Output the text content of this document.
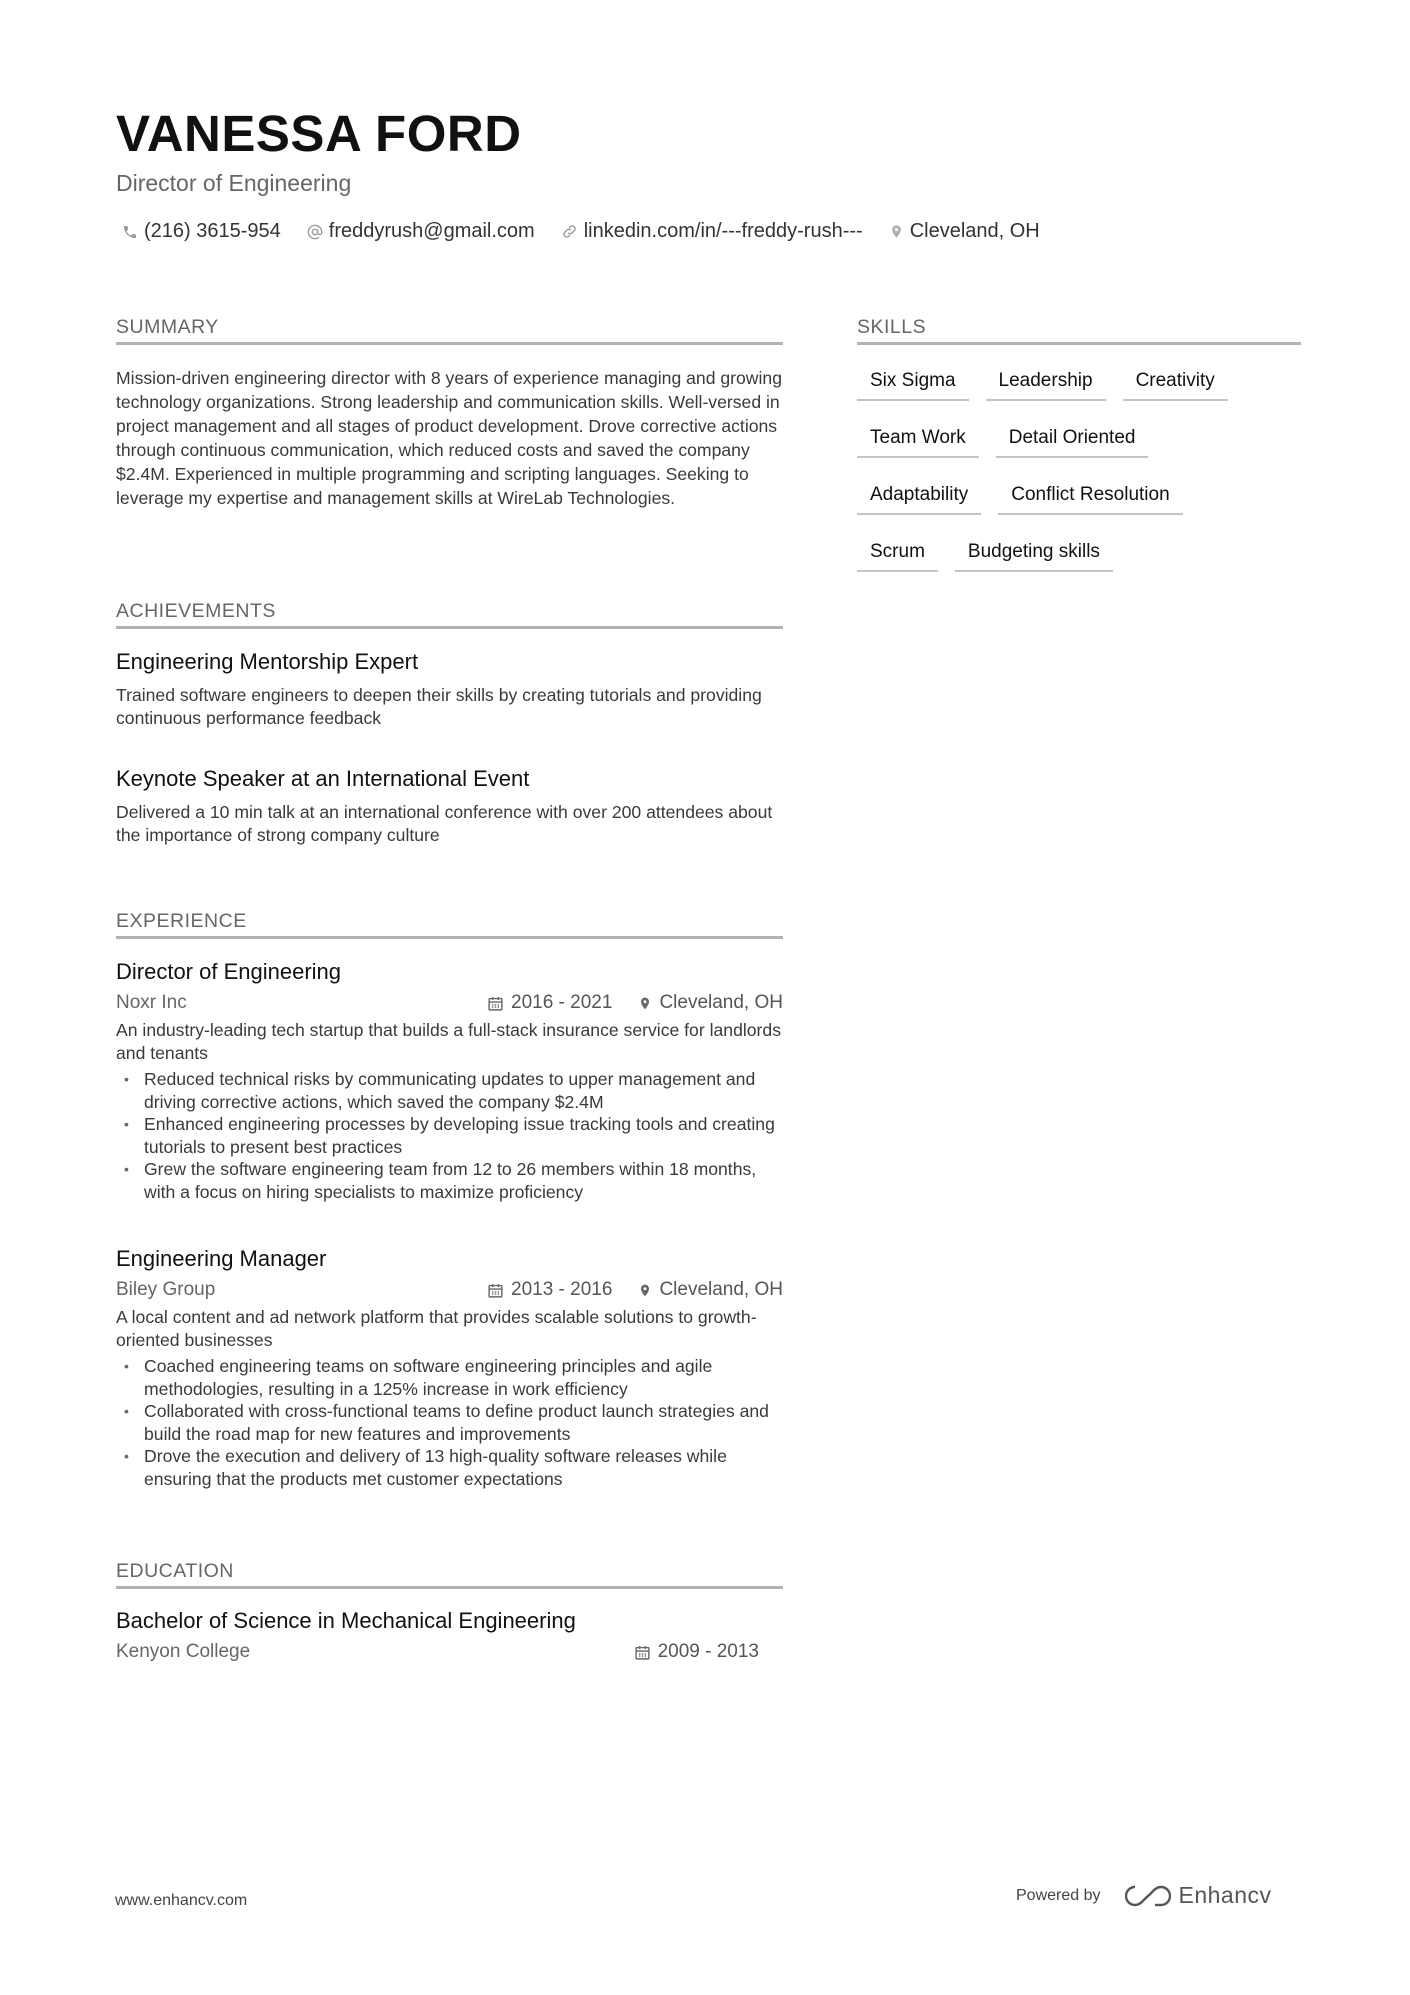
VANESSA FORD
Director of Engineering
(216) 3615-954 freddyrush@gmail.com linkedin.com/in/---freddy-rush--- Cleveland, OH
SUMMARY
Mission-driven engineering director with 8 years of experience managing and growing technology organizations. Strong leadership and communication skills. Well-versed in project management and all stages of product development. Drove corrective actions through continuous communication, which reduced costs and saved the company $2.4M. Experienced in multiple programming and scripting languages. Seeking to leverage my expertise and management skills at WireLab Technologies.
ACHIEVEMENTS
Engineering Mentorship Expert
Trained software engineers to deepen their skills by creating tutorials and providing continuous performance feedback
Keynote Speaker at an International Event
Delivered a 10 min talk at an international conference with over 200 attendees about the importance of strong company culture
EXPERIENCE
Director of Engineering
Noxr Inc	2016 - 2021 Cleveland, OH
An industry-leading tech startup that builds a full-stack insurance service for landlords and tenants
• Reduced technical risks by communicating updates to upper management and driving corrective actions, which saved the company $2.4M
• Enhanced engineering processes by developing issue tracking tools and creating tutorials to present best practices
• Grew the software engineering team from 12 to 26 members within 18 months, with a focus on hiring specialists to maximize proficiency
Engineering Manager
Biley Group	2013 - 2016 Cleveland, OH
A local content and ad network platform that provides scalable solutions to growth-oriented businesses
• Coached engineering teams on software engineering principles and agile methodologies, resulting in a 125% increase in work efficiency
• Collaborated with cross-functional teams to define product launch strategies and build the road map for new features and improvements
• Drove the execution and delivery of 13 high-quality software releases while ensuring that the products met customer expectations
EDUCATION
Bachelor of Science in Mechanical Engineering
Kenyon College	2009 - 2013
SKILLS
Six Sigma	Leadership	Creativity
Team Work	Detail Oriented
Adaptability	Conflict Resolution
Scrum	Budgeting skills
www.enhancv.com	Powered by	Enhancv
